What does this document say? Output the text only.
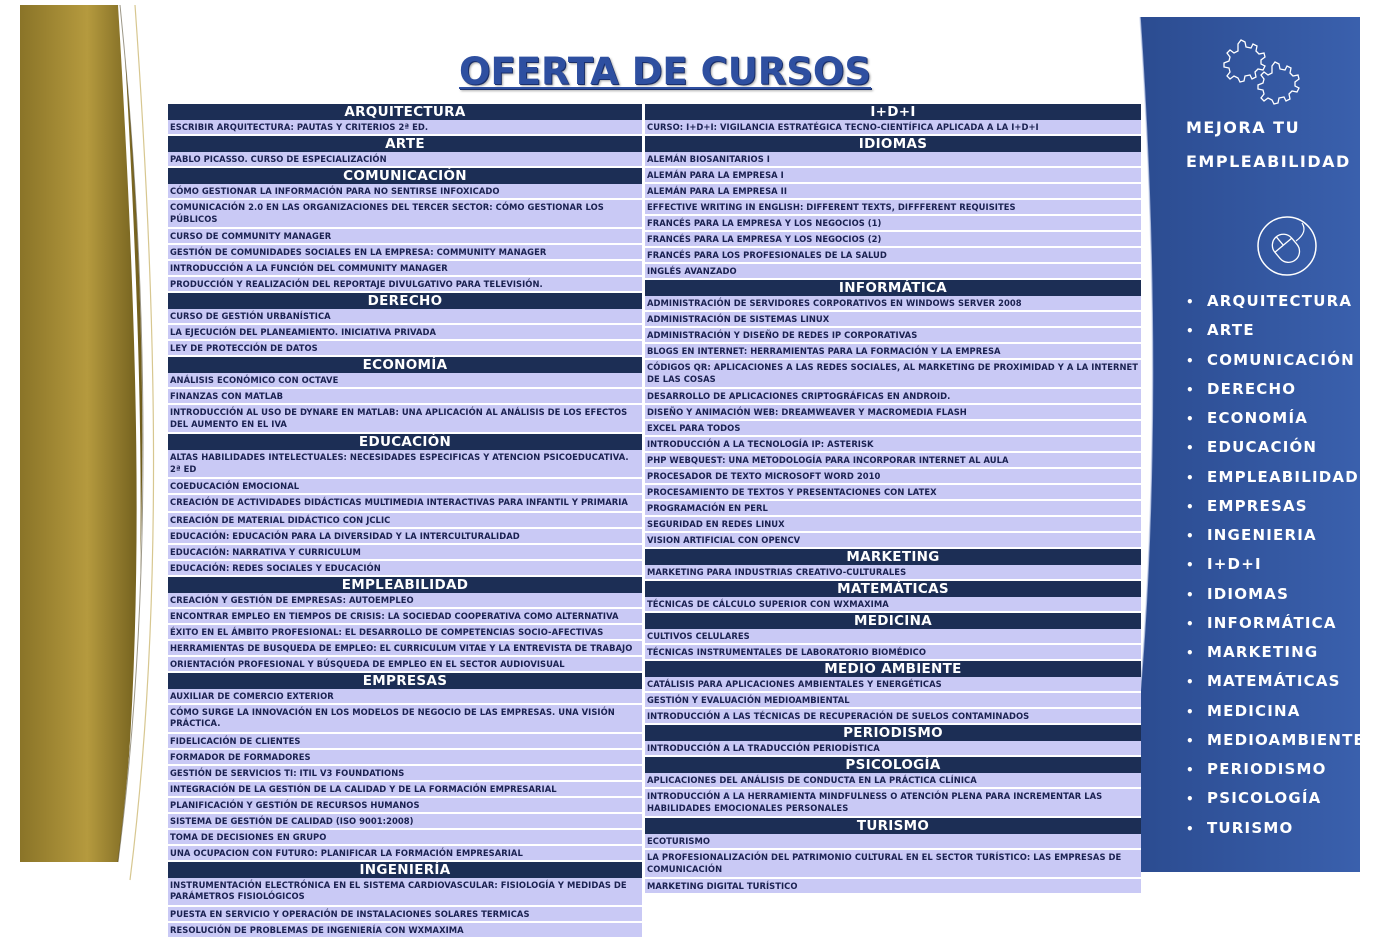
OFERTA DE CURSOS
ARQUITECTURA
ESCRIBIR ARQUITECTURA: PAUTAS Y CRITERIOS 2ª ED.
ARTE
PABLO PICASSO. CURSO DE ESPECIALIZACIÓN
COMUNICACIÓN
CÓMO GESTIONAR LA INFORMACIÓN PARA NO SENTIRSE INFOXICADO
COMUNICACIÓN 2.0 EN LAS ORGANIZACIONES DEL TERCER SECTOR: CÓMO GESTIONAR LOS PÚBLICOS
CURSO DE COMMUNITY MANAGER
GESTIÓN DE COMUNIDADES SOCIALES EN LA EMPRESA: COMMUNITY MANAGER
INTRODUCCIÓN A LA FUNCIÓN DEL COMMUNITY MANAGER
PRODUCCIÓN Y REALIZACIÓN DEL REPORTAJE DIVULGATIVO PARA TELEVISIÓN.
DERECHO
CURSO DE GESTIÓN URBANÍSTICA
LA EJECUCIÓN DEL PLANEAMIENTO. INICIATIVA PRIVADA
LEY DE PROTECCIÓN DE DATOS
ECONOMÍA
ANÁLISIS ECONÓMICO CON OCTAVE
FINANZAS CON MATLAB
INTRODUCCIÓN AL USO DE DYNARE EN MATLAB: UNA APLICACIÓN AL ANÁLISIS DE LOS EFECTOS DEL AUMENTO EN EL IVA
EDUCACIÓN
ALTAS HABILIDADES INTELECTUALES: NECESIDADES ESPECIFICAS Y ATENCION PSICOEDUCATIVA. 2ª ED
COEDUCACIÓN EMOCIONAL
CREACIÓN DE ACTIVIDADES DIDÁCTICAS MULTIMEDIA INTERACTIVAS PARA INFANTIL Y PRIMARIA
CREACIÓN DE MATERIAL DIDÁCTICO CON JCLIC
EDUCACIÓN: EDUCACIÓN PARA LA DIVERSIDAD Y LA INTERCULTURALIDAD
EDUCACIÓN: NARRATIVA Y CURRICULUM
EDUCACIÓN: REDES SOCIALES Y EDUCACIÓN
EMPLEABILIDAD
CREACIÓN Y GESTIÓN DE EMPRESAS: AUTOEMPLEO
ENCONTRAR EMPLEO EN TIEMPOS DE CRISIS: LA SOCIEDAD COOPERATIVA COMO ALTERNATIVA
ÉXITO EN EL ÁMBITO PROFESIONAL: EL DESARROLLO DE COMPETENCIAS SOCIO-AFECTIVAS
HERRAMIENTAS DE BUSQUEDA DE EMPLEO: EL CURRICULUM VITAE Y LA ENTREVISTA DE TRABAJO
ORIENTACIÓN PROFESIONAL Y BÚSQUEDA DE EMPLEO EN EL SECTOR AUDIOVISUAL
EMPRESAS
AUXILIAR DE COMERCIO EXTERIOR
CÓMO SURGE LA INNOVACIÓN EN LOS MODELOS DE NEGOCIO DE LAS EMPRESAS. UNA VISIÓN PRÁCTICA.
FIDELICACIÓN DE CLIENTES
FORMADOR DE FORMADORES
GESTIÓN DE SERVICIOS TI: ITIL V3 FOUNDATIONS
INTEGRACIÓN DE LA GESTIÓN DE LA CALIDAD Y DE LA FORMACIÓN EMPRESARIAL
PLANIFICACIÓN Y GESTIÓN DE RECURSOS HUMANOS
SISTEMA DE GESTIÓN DE CALIDAD (ISO 9001:2008)
TOMA DE DECISIONES EN GRUPO
UNA OCUPACION CON FUTURO: PLANIFICAR LA FORMACIÓN EMPRESARIAL
INGENIERÍA
INSTRUMENTACIÓN ELECTRÓNICA EN EL SISTEMA CARDIOVASCULAR: FISIOLOGÍA Y MEDIDAS DE PARÁMETROS FISIOLÓGICOS
PUESTA EN SERVICIO Y OPERACIÓN DE INSTALACIONES SOLARES TERMICAS
RESOLUCIÓN DE PROBLEMAS DE INGENIERÍA CON WXMAXIMA
I+D+I
CURSO: I+D+I: VIGILANCIA ESTRATÉGICA TECNO-CIENTÍFICA APLICADA A LA I+D+I
IDIOMAS
ALEMÁN BIOSANITARIOS I
ALEMÁN PARA LA EMPRESA I
ALEMÁN PARA LA EMPRESA II
EFFECTIVE WRITING IN ENGLISH: DIFFERENT TEXTS, DIFFFERENT REQUISITES
FRANCÉS PARA LA EMPRESA Y LOS NEGOCIOS (1)
FRANCÉS PARA LA EMPRESA Y LOS NEGOCIOS (2)
FRANCÉS PARA LOS PROFESIONALES DE LA SALUD
INGLÉS AVANZADO
INFORMÁTICA
ADMINISTRACIÓN DE SERVIDORES CORPORATIVOS EN WINDOWS SERVER 2008
ADMINISTRACIÓN DE SISTEMAS LINUX
ADMINISTRACIÓN Y DISEÑO DE REDES IP CORPORATIVAS
BLOGS EN INTERNET: HERRAMIENTAS PARA LA FORMACIÓN Y LA EMPRESA
CÓDIGOS QR: APLICACIONES A LAS REDES SOCIALES, AL MARKETING DE PROXIMIDAD Y A LA INTERNET DE LAS COSAS
DESARROLLO DE APLICACIONES CRIPTOGRÁFICAS EN ANDROID.
DISEÑO Y ANIMACIÓN WEB: DREAMWEAVER Y MACROMEDIA FLASH
EXCEL PARA TODOS
INTRODUCCIÓN A LA TECNOLOGÍA IP: ASTERISK
PHP WEBQUEST: UNA METODOLOGÍA PARA INCORPORAR INTERNET AL AULA
PROCESADOR DE TEXTO MICROSOFT WORD 2010
PROCESAMIENTO DE TEXTOS Y PRESENTACIONES CON LATEX
PROGRAMACIÓN EN PERL
SEGURIDAD EN REDES LINUX
VISION ARTIFICIAL CON OPENCV
MARKETING
MARKETING PARA INDUSTRIAS CREATIVO-CULTURALES
MATEMÁTICAS
TÉCNICAS DE CÁLCULO SUPERIOR CON WXMAXIMA
MEDICINA
CULTIVOS CELULARES
TÉCNICAS INSTRUMENTALES DE LABORATORIO BIOMÉDICO
MEDIO AMBIENTE
CATÁLISIS PARA APLICACIONES AMBIENTALES Y ENERGÉTICAS
GESTIÓN Y EVALUACIÓN MEDIOAMBIENTAL
INTRODUCCIÓN A LAS TÉCNICAS DE RECUPERACIÓN DE SUELOS CONTAMINADOS
PERIODISMO
INTRODUCCIÓN A LA TRADUCCIÓN PERIODÍSTICA
PSICOLOGÍA
APLICACIONES DEL ANÁLISIS DE CONDUCTA EN LA PRÁCTICA CLÍNICA
INTRODUCCIÓN A LA HERRAMIENTA MINDFULNESS O ATENCIÓN PLENA PARA INCREMENTAR LAS HABILIDADES EMOCIONALES PERSONALES
TURISMO
ECOTURISMO
LA PROFESIONALIZACIÓN DEL PATRIMONIO CULTURAL EN EL SECTOR TURÍSTICO: LAS EMPRESAS DE COMUNICACIÓN
MARKETING DIGITAL TURÍSTICO
MEJORA TU
EMPLEABILIDAD
• ARQUITECTURA
• ARTE
• COMUNICACIÓN
• DERECHO
• ECONOMÍA
• EDUCACIÓN
• EMPLEABILIDAD
• EMPRESAS
• INGENIERIA
• I+D+I
• IDIOMAS
• INFORMÁTICA
• MARKETING
• MATEMÁTICAS
• MEDICINA
• MEDIOAMBIENTE
• PERIODISMO
• PSICOLOGÍA
• TURISMO
